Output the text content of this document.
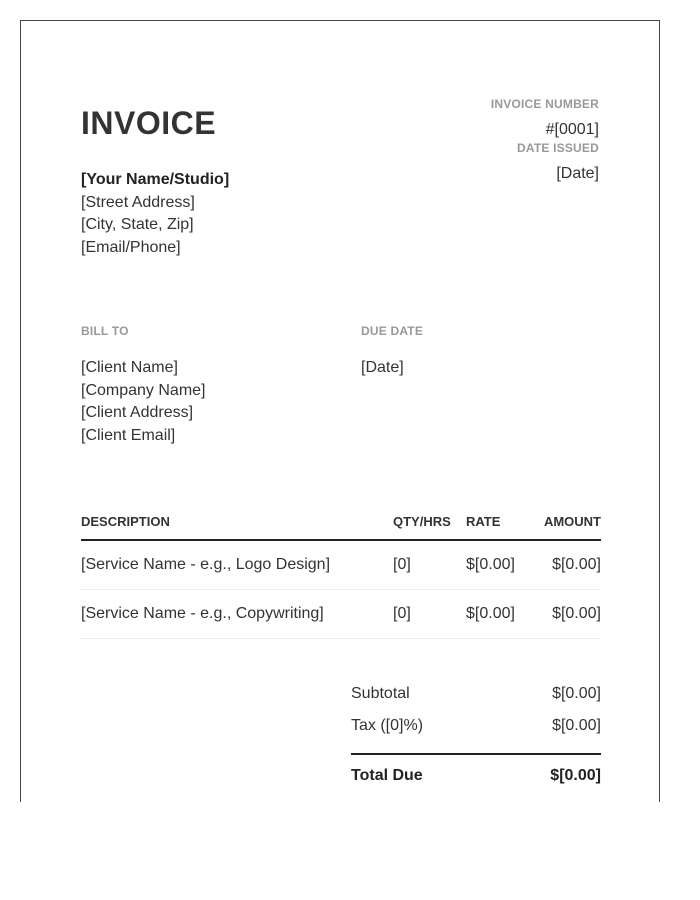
INVOICE
INVOICE NUMBER
#[0001]
DATE ISSUED
[Date]
[Your Name/Studio]
[Street Address]
[City, State, Zip]
[Email/Phone]
BILL TO	DUE DATE
[Client Name]
[Company Name]
[Client Address]
[Client Email]
[Date]
DESCRIPTION	QTY/HRS RATE	AMOUNT
[Service Name - e.g., Logo Design]	[0]	$[0.00] $[0.00]
[Service Name - e.g., Copywriting]	[0]	$[0.00] $[0.00]
Subtotal	$[0.00]
Tax ([0]%)	$[0.00]
Total Due	$[0.00]
